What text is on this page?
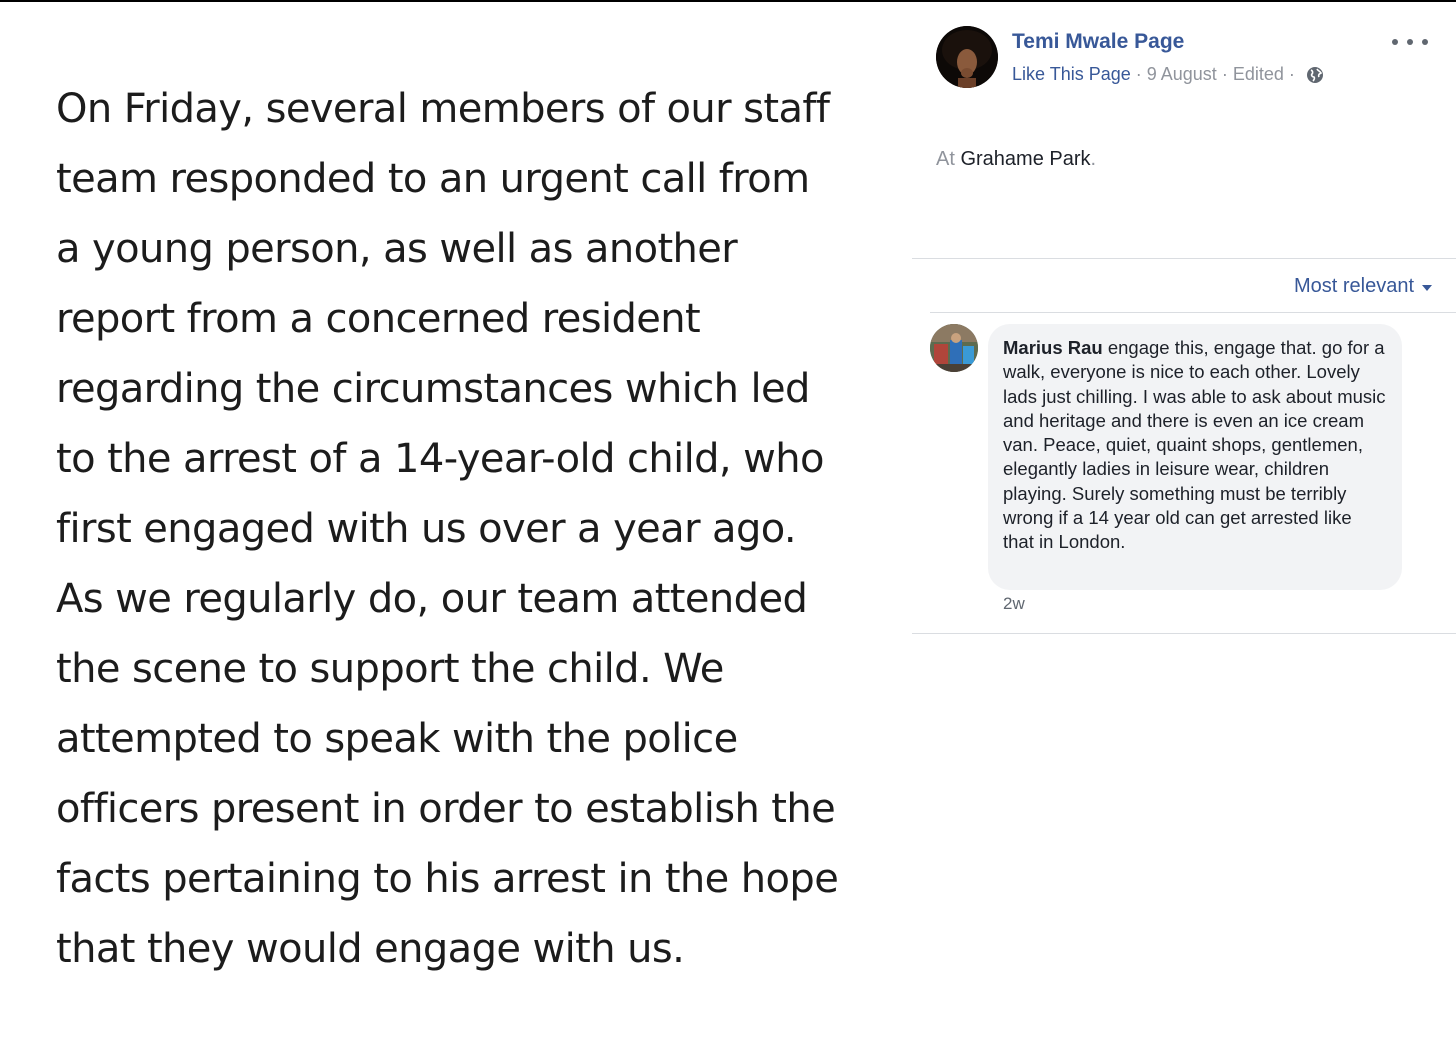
On Friday, several members of our staff
team responded to an urgent call from
a young person, as well as another
report from a concerned resident
regarding the circumstances which led
to the arrest of a 14-year-old child, who
first engaged with us over a year ago.
As we regularly do, our team attended
the scene to support the child. We
attempted to speak with the police
officers present in order to establish the
facts pertaining to his arrest in the hope
that they would engage with us.
Temi Mwale Page
Like This Page · 9 August · Edited ·
At Grahame Park.
Most relevant
Marius Rau engage this, engage that. go for a walk, everyone is nice to each other. Lovely lads just chilling. I was able to ask about music and heritage and there is even an ice cream van. Peace, quiet, quaint shops, gentlemen, elegantly ladies in leisure wear, children playing. Surely something must be terribly wrong if a 14 year old can get arrested like that in London.
2w
